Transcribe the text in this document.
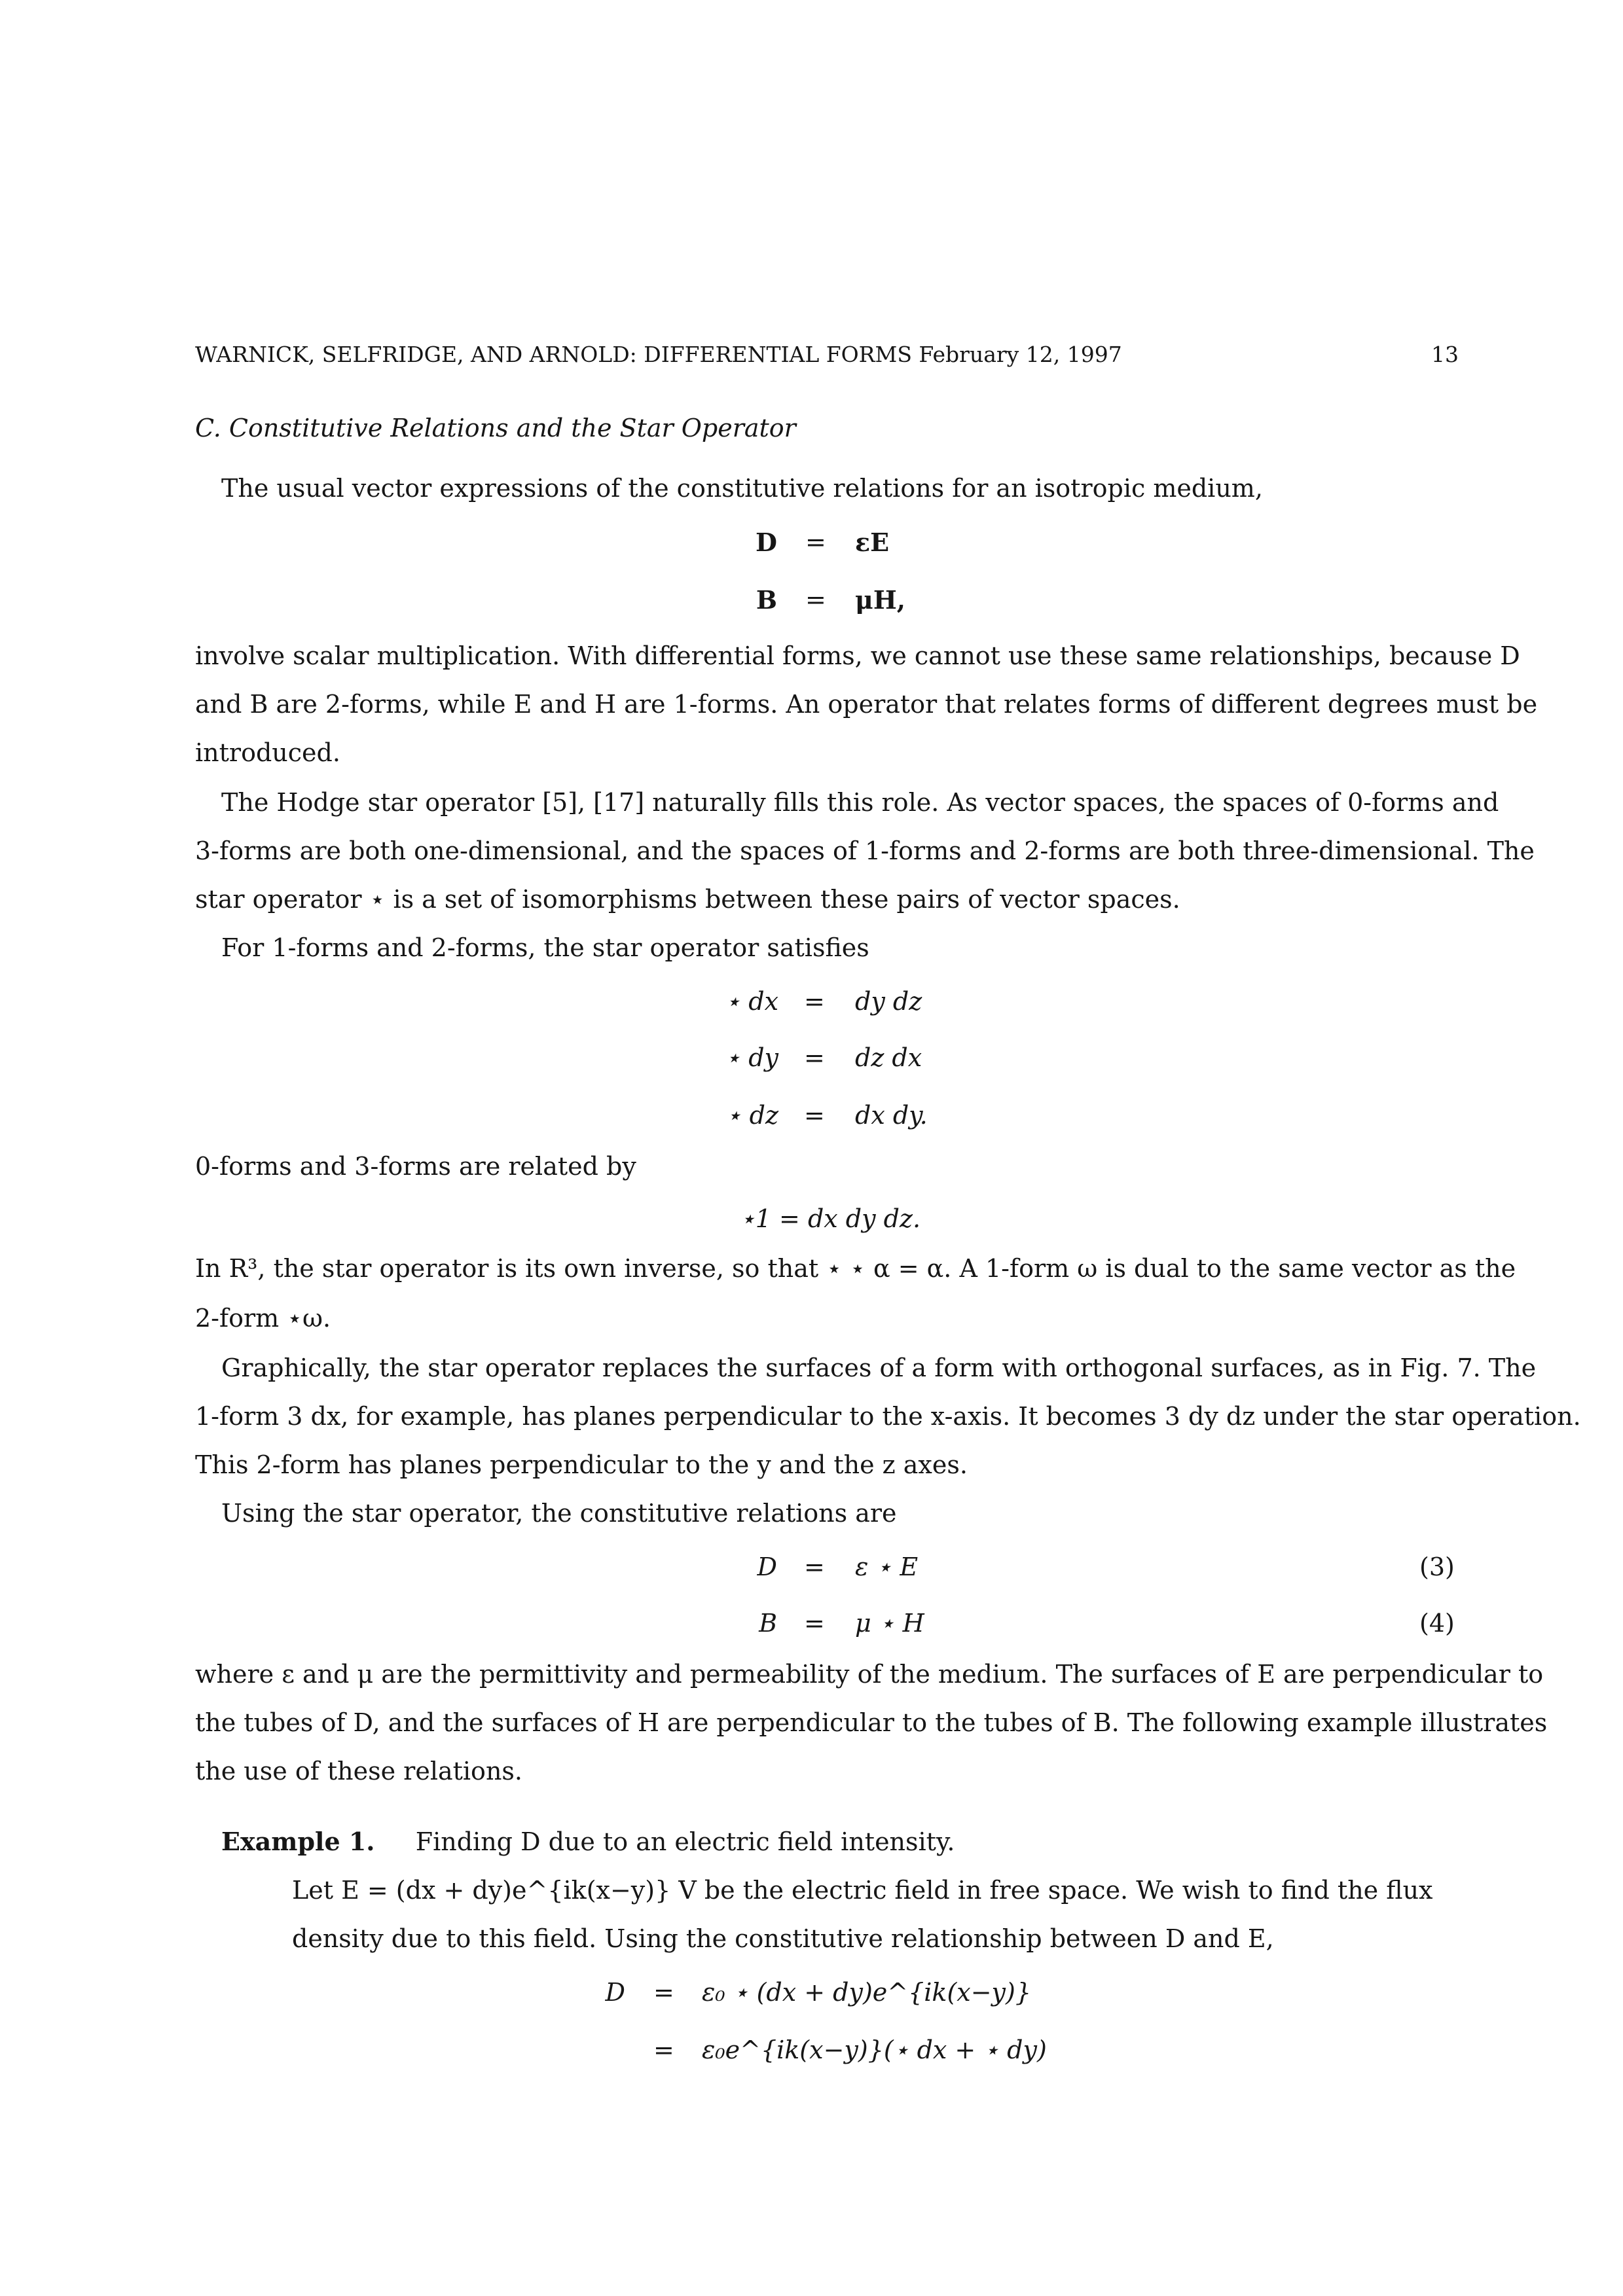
WARNICK, SELFRIDGE, AND ARNOLD: DIFFERENTIAL FORMS February 12, 1997	13
C. Constitutive Relations and the Star Operator
The usual vector expressions of the constitutive relations for an isotropic medium,
D = εE
B = μH,
involve scalar multiplication. With differential forms, we cannot use these same relationships, because D
and B are 2-forms, while E and H are 1-forms. An operator that relates forms of different degrees must be
introduced.
The Hodge star operator [5], [17] naturally fills this role. As vector spaces, the spaces of 0-forms and
3-forms are both one-dimensional, and the spaces of 1-forms and 2-forms are both three-dimensional. The
star operator ⋆ is a set of isomorphisms between these pairs of vector spaces.
For 1-forms and 2-forms, the star operator satisfies
⋆ dx = dy dz
⋆ dy = dz dx
⋆ dz = dx dy.
0-forms and 3-forms are related by
⋆1 = dx dy dz.
In R³, the star operator is its own inverse, so that ⋆ ⋆ α = α. A 1-form ω is dual to the same vector as the
2-form ⋆ω.
Graphically, the star operator replaces the surfaces of a form with orthogonal surfaces, as in Fig. 7. The
1-form 3 dx, for example, has planes perpendicular to the x-axis. It becomes 3 dy dz under the star operation.
This 2-form has planes perpendicular to the y and the z axes.
Using the star operator, the constitutive relations are
D = ε ⋆ E	(3)
B = μ ⋆ H	(4)
where ε and μ are the permittivity and permeability of the medium. The surfaces of E are perpendicular to
the tubes of D, and the surfaces of H are perpendicular to the tubes of B. The following example illustrates
the use of these relations.
Example 1. Finding D due to an electric field intensity.
Let E = (dx + dy)e^{ik(x−y)} V be the electric field in free space. We wish to find the flux
density due to this field. Using the constitutive relationship between D and E,
D = ε₀ ⋆ (dx + dy)e^{ik(x−y)}
= ε₀e^{ik(x−y)}(⋆ dx + ⋆ dy)
